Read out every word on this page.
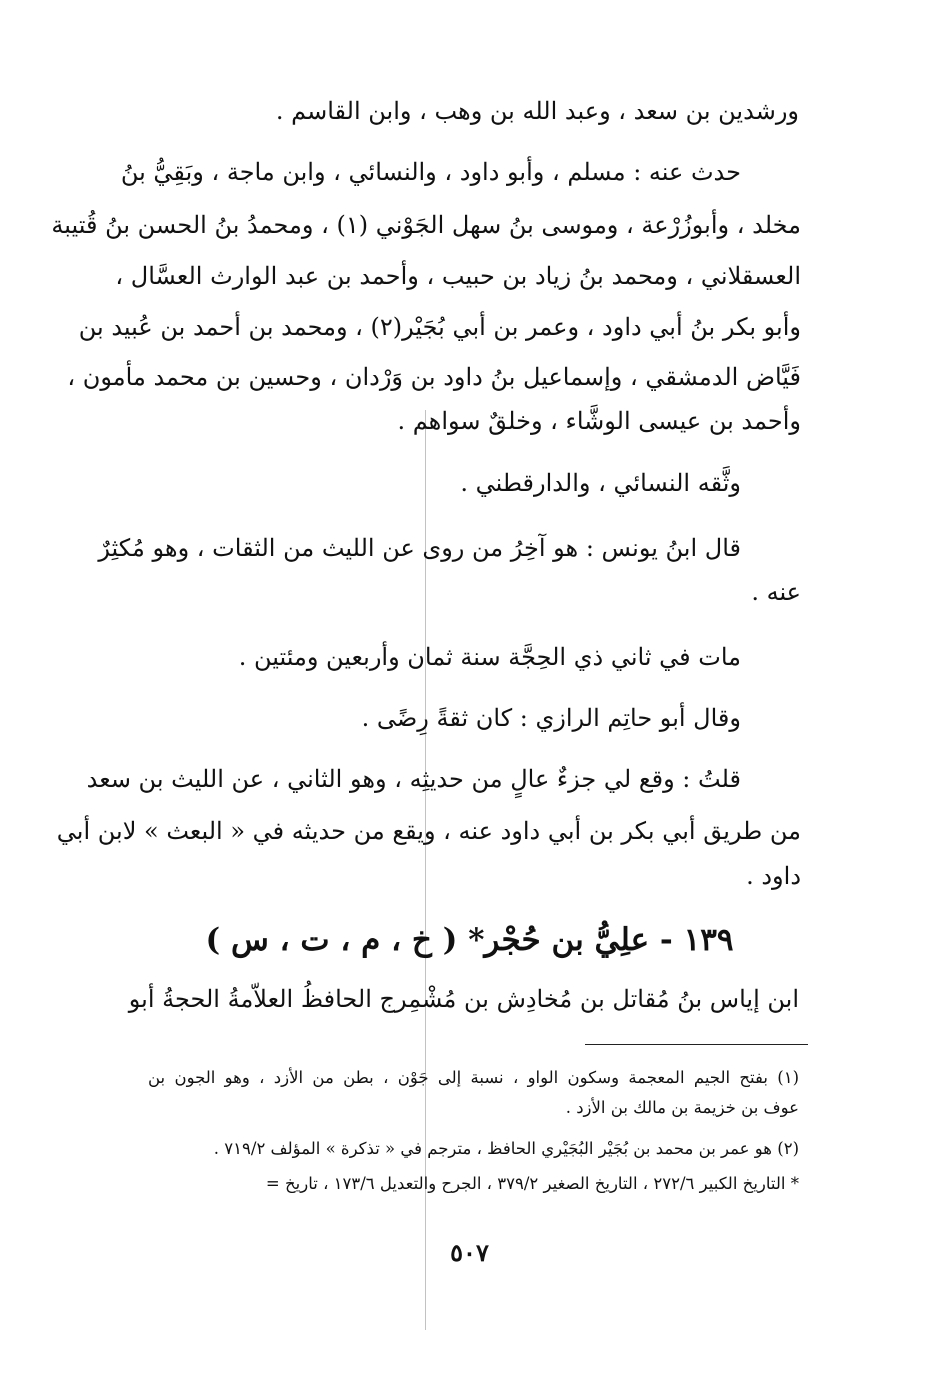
ورشدين بن سعد ، وعبد الله بن وهب ، وابن القاسم .
حدث عنه : مسلم ، وأبو داود ، والنسائي ، وابن ماجة ، وبَقِيُّ بنُ
مخلد ، وأبوزُرْعة ، وموسى بنُ سهل الجَوْني (١) ، ومحمدُ بنُ الحسن بنُ قُتيبة
العسقلاني ، ومحمد بنُ زياد بن حبيب ، وأحمد بن عبد الوارث العسَّال ،
وأبو بكر بنُ أبي داود ، وعمر بن أبي بُجَيْر(٢) ، ومحمد بن أحمد بن عُبيد بن
فَيَّاض الدمشقي ، وإسماعيل بنُ داود بن وَرْدان ، وحسين بن محمد مأمون ،
وأحمد بن عيسى الوشَّاء ، وخلقٌ سواهم .
وثَّقه النسائي ، والدارقطني .
قال ابنُ يونس : هو آخِرُ من روى عن الليث من الثقات ، وهو مُكثِرٌ
عنه .
مات في ثاني ذي الحِجَّة سنة ثمان وأربعين ومئتين .
وقال أبو حاتِم الرازي : كان ثقةً رِضًى .
قلتُ : وقع لي جزءٌ عالٍ من حديثِه ، وهو الثاني ، عن الليث بن سعد
من طريق أبي بكر بن أبي داود عنه ، ويقع من حديثه في « البعث » لابن أبي
داود .
١٣٩ - علِيُّ بن حُجْر* ( خ ، م ، ت ، س )
ابن إياس بنُ مُقاتل بن مُخادِش بن مُشْمِرج الحافظُ العلاّمةُ الحجةُ أبو
(١) بفتح الجيم المعجمة وسكون الواو ، نسبة إلى جَوْن ، بطن من الأزد ، وهو الجون بن
عوف بن خزيمة بن مالك بن الأزد .
(٢) هو عمر بن محمد بن بُجَيْر البُجَيْري الحافظ ، مترجم في « تذكرة » المؤلف ٧١٩/٢ .
* التاريخ الكبير ٢٧٢/٦ ، التاريخ الصغير ٣٧٩/٢ ، الجرح والتعديل ١٧٣/٦ ، تاريخ =
٥٠٧
